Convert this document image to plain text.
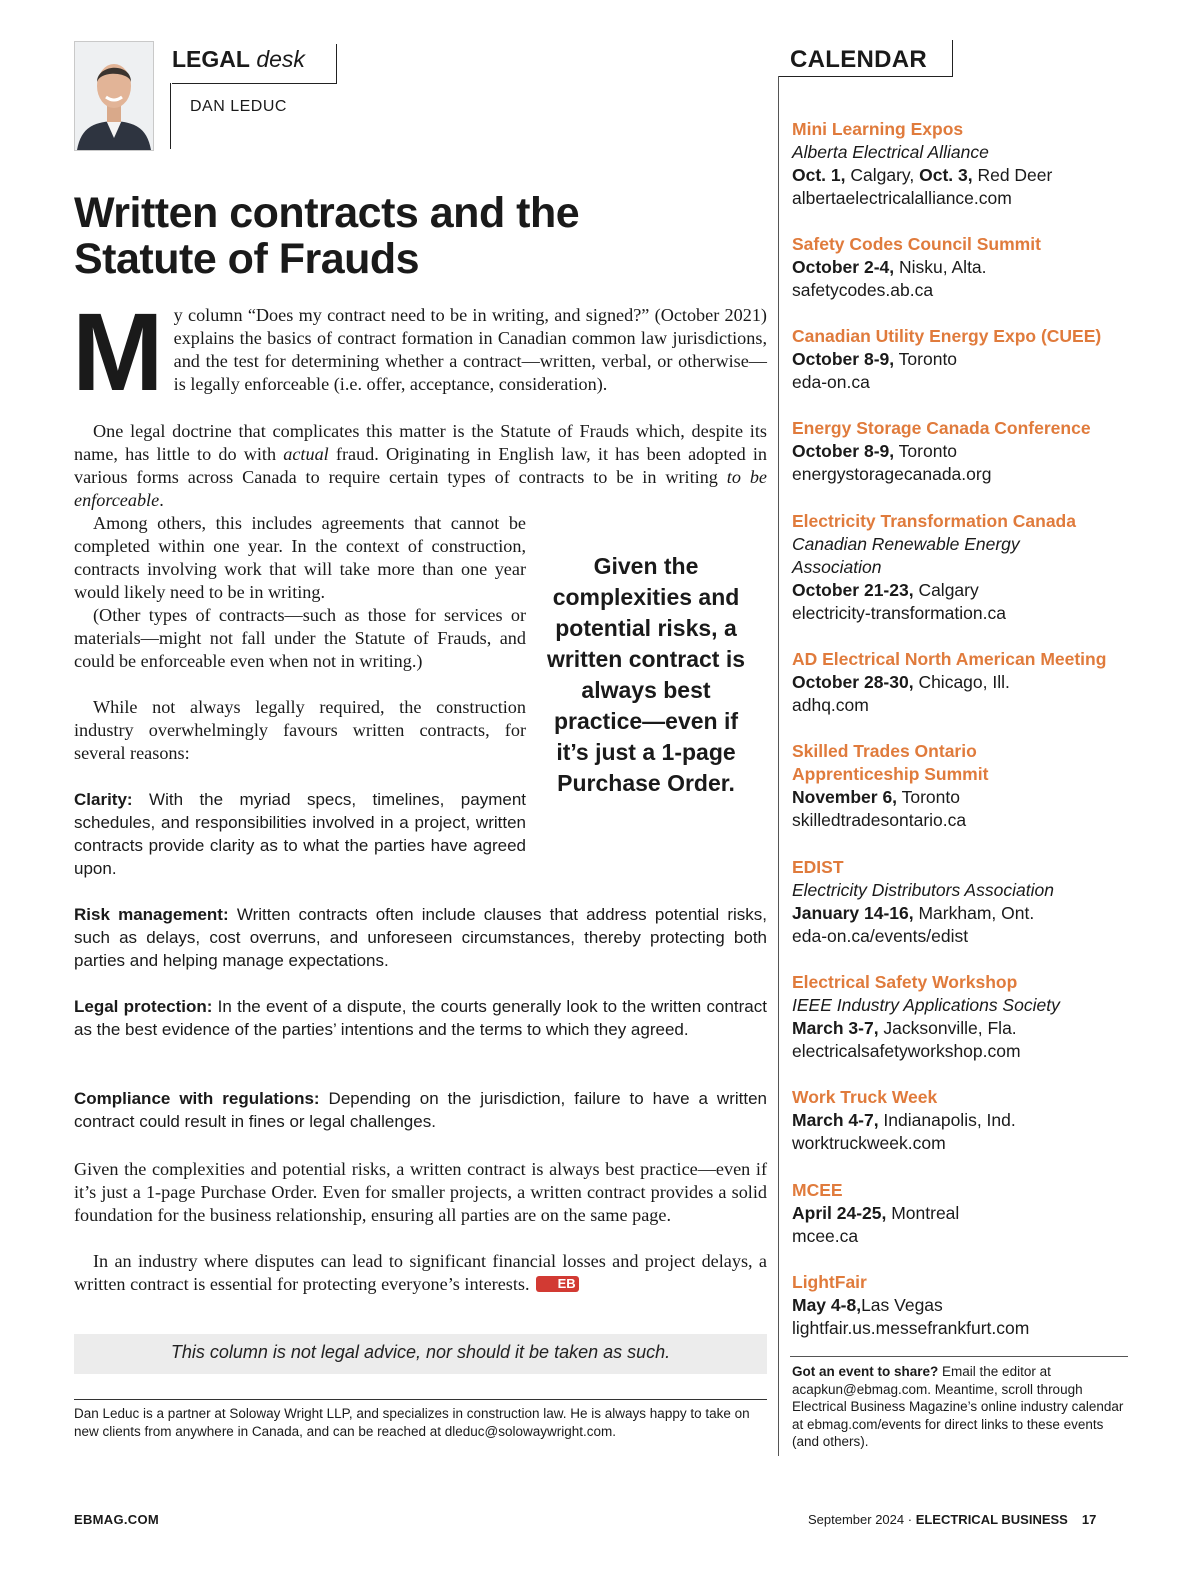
LEGAL desk
DAN LEDUC
Written contracts and the Statute of Frauds

My column “Does my contract need to be in writing, and signed?” (October 2021) explains the basics of contract formation in Canadian common law jurisdictions, and the test for determining whether a contract—written, verbal, or otherwise—is legally enforceable (i.e. offer, acceptance, consideration).

One legal doctrine that complicates this matter is the Statute of Frauds which, despite its name, has little to do with actual fraud. Originating in English law, it has been adopted in various forms across Canada to require certain types of contracts to be in writing to be enforceable.

Among others, this includes agreements that cannot be completed within one year. In the context of construction, contracts involving work that will take more than one year would likely need to be in writing.

(Other types of contracts—such as those for services or materials—might not fall under the Statute of Frauds, and could be enforceable even when not in writing.)

While not always legally required, the construction industry overwhelmingly favours written contracts, for several reasons:

Given the complexities and potential risks, a written contract is always best practice—even if it’s just a 1-page Purchase Order.

Clarity: With the myriad specs, timelines, payment schedules, and responsibilities involved in a project, written contracts provide clarity as to what the parties have agreed upon.

Risk management: Written contracts often include clauses that address potential risks, such as delays, cost overruns, and unforeseen circumstances, thereby protecting both parties and helping manage expectations.

Legal protection: In the event of a dispute, the courts generally look to the written contract as the best evidence of the parties’ intentions and the terms to which they agreed.

Compliance with regulations: Depending on the jurisdiction, failure to have a written contract could result in fines or legal challenges.

Given the complexities and potential risks, a written contract is always best practice—even if it’s just a 1-page Purchase Order. Even for smaller projects, a written contract provides a solid foundation for the business relationship, ensuring all parties are on the same page.

In an industry where disputes can lead to significant financial losses and project delays, a written contract is essential for protecting everyone’s interests. EB

This column is not legal advice, nor should it be taken as such.
Dan Leduc is a partner at Soloway Wright LLP, and specializes in construction law. He is always happy to take on new clients from anywhere in Canada, and can be reached at dleduc@solowaywright.com.
CALENDAR
Mini Learning Expos
Alberta Electrical Alliance
Oct. 1, Calgary, Oct. 3, Red Deer
albertaelectricalalliance.com
Safety Codes Council Summit
October 2-4, Nisku, Alta.
safetycodes.ab.ca
Canadian Utility Energy Expo (CUEE)
October 8-9, Toronto
eda-on.ca
Energy Storage Canada Conference
October 8-9, Toronto
energystoragecanada.org
Electricity Transformation Canada
Canadian Renewable Energy Association
October 21-23, Calgary
electricity-transformation.ca
AD Electrical North American Meeting
October 28-30, Chicago, Ill.
adhq.com
Skilled Trades Ontario Apprenticeship Summit
November 6, Toronto
skilledtradesontario.ca
EDIST
Electricity Distributors Association
January 14-16, Markham, Ont.
eda-on.ca/events/edist
Electrical Safety Workshop
IEEE Industry Applications Society
March 3-7, Jacksonville, Fla.
electricalsafetyworkshop.com
Work Truck Week
March 4-7, Indianapolis, Ind.
worktruckweek.com
MCEE
April 24-25, Montreal
mcee.ca
LightFair
May 4-8,Las Vegas
lightfair.us.messefrankfurt.com
Got an event to share? Email the editor at acapkun@ebmag.com. Meantime, scroll through Electrical Business Magazine’s online industry calendar at ebmag.com/events for direct links to these events (and others).
EBMAG.COM	September 2024 · ELECTRICAL BUSINESS 17
